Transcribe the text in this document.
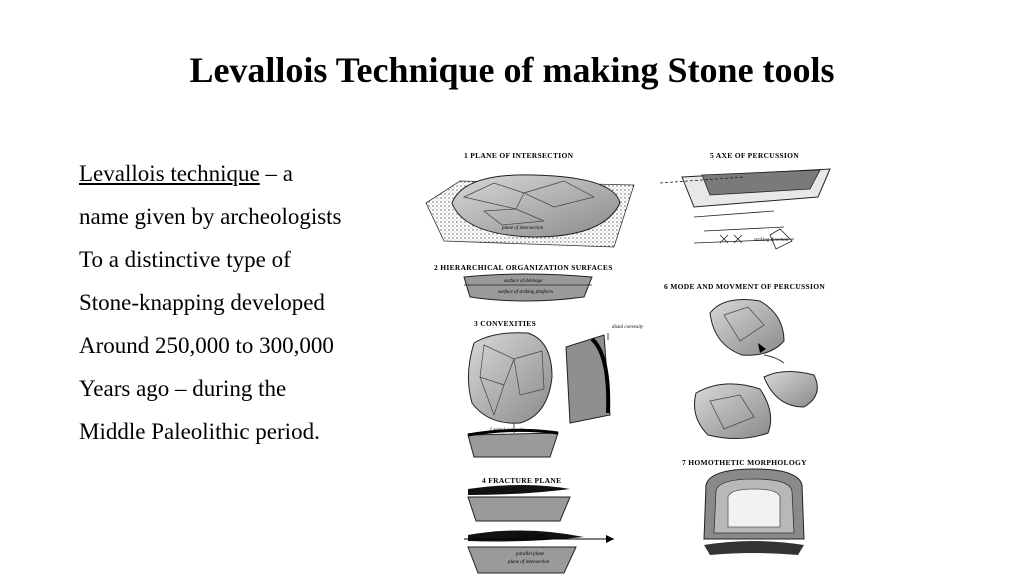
Levallois Technique of making Stone tools
Levallois technique – a
name given by archeologists
To a distinctive type of
Stone-knapping developed
Around 250,000 to 300,000
Years ago – during the
Middle Paleolithic period.
1 PLANE OF INTERSECTION
plane of intersection
2 HIERARCHICAL ORGANIZATION SURFACES
surface of debitage
surface of striking platform
3 CONVEXITIES	distal convexity
Lateral convexity
4 FRACTURE PLANE
fracture plane
parallel plane
plane of intersection
5 AXE OF PERCUSSION
striking direction
6 MODE AND MOVMENT OF PERCUSSION
7 HOMOTHETIC MORPHOLOGY
